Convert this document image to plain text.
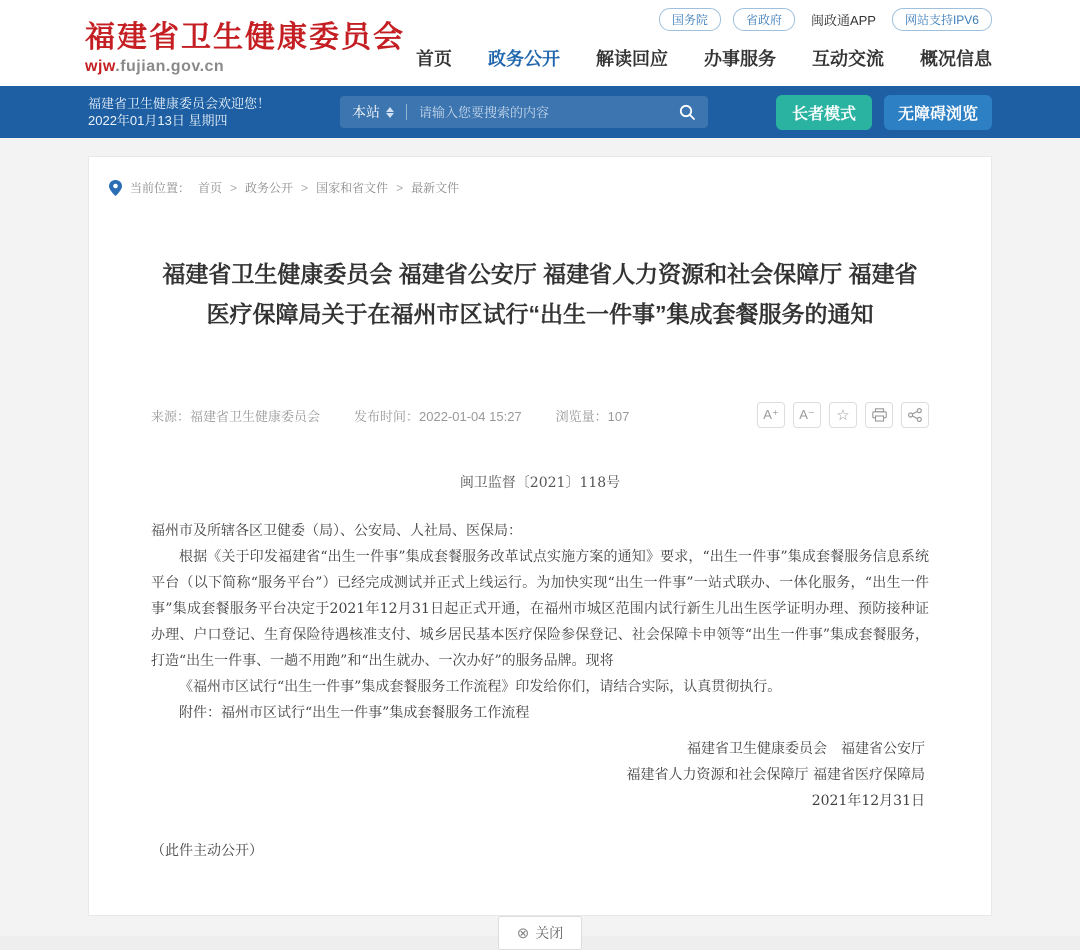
福建省卫生健康委员会
wjw.fujian.gov.cn
国务院	省政府	闽政通APP	网站支持IPV6
首页 政务公开 解读回应 办事服务 互动交流 概况信息
福建省卫生健康委员会欢迎您！
2022年01月13日 星期四
本站
请输入您要搜索的内容	长者模式	无障碍浏览
当前位置： 首页 > 政务公开 > 国家和省文件 > 最新文件
福建省卫生健康委员会 福建省公安厅 福建省人力资源和社会保障厅 福建省医疗保障局关于在福州市区试行“出生一件事”集成套餐服务的通知
来源：福建省卫生健康委员会	发布时间：2022-01-04 15:27	浏览量：107	A⁺	A⁻	☆
闽卫监督〔2021〕118号

福州市及所辖各区卫健委（局）、公安局、人社局、医保局：

根据《关于印发福建省“出生一件事”集成套餐服务改革试点实施方案的通知》要求，“出生一件事”集成套餐服务信息系统平台（以下简称“服务平台”）已经完成测试并正式上线运行。为加快实现“出生一件事”一站式联办、一体化服务，“出生一件事”集成套餐服务平台决定于2021年12月31日起正式开通，在福州市城区范围内试行新生儿出生医学证明办理、预防接种证办理、户口登记、生育保险待遇核准支付、城乡居民基本医疗保险参保登记、社会保障卡申领等“出生一件事”集成套餐服务，打造“出生一件事、一趟不用跑”和“出生就办、一次办好”的服务品牌。现将

《福州市区试行“出生一件事”集成套餐服务工作流程》印发给你们，请结合实际，认真贯彻执行。

附件：福州市区试行“出生一件事”集成套餐服务工作流程

福建省卫生健康委员会　福建省公安厅
福建省人力资源和社会保障厅 福建省医疗保障局
2021年12月31日
（此件主动公开）
⊗ 关闭
